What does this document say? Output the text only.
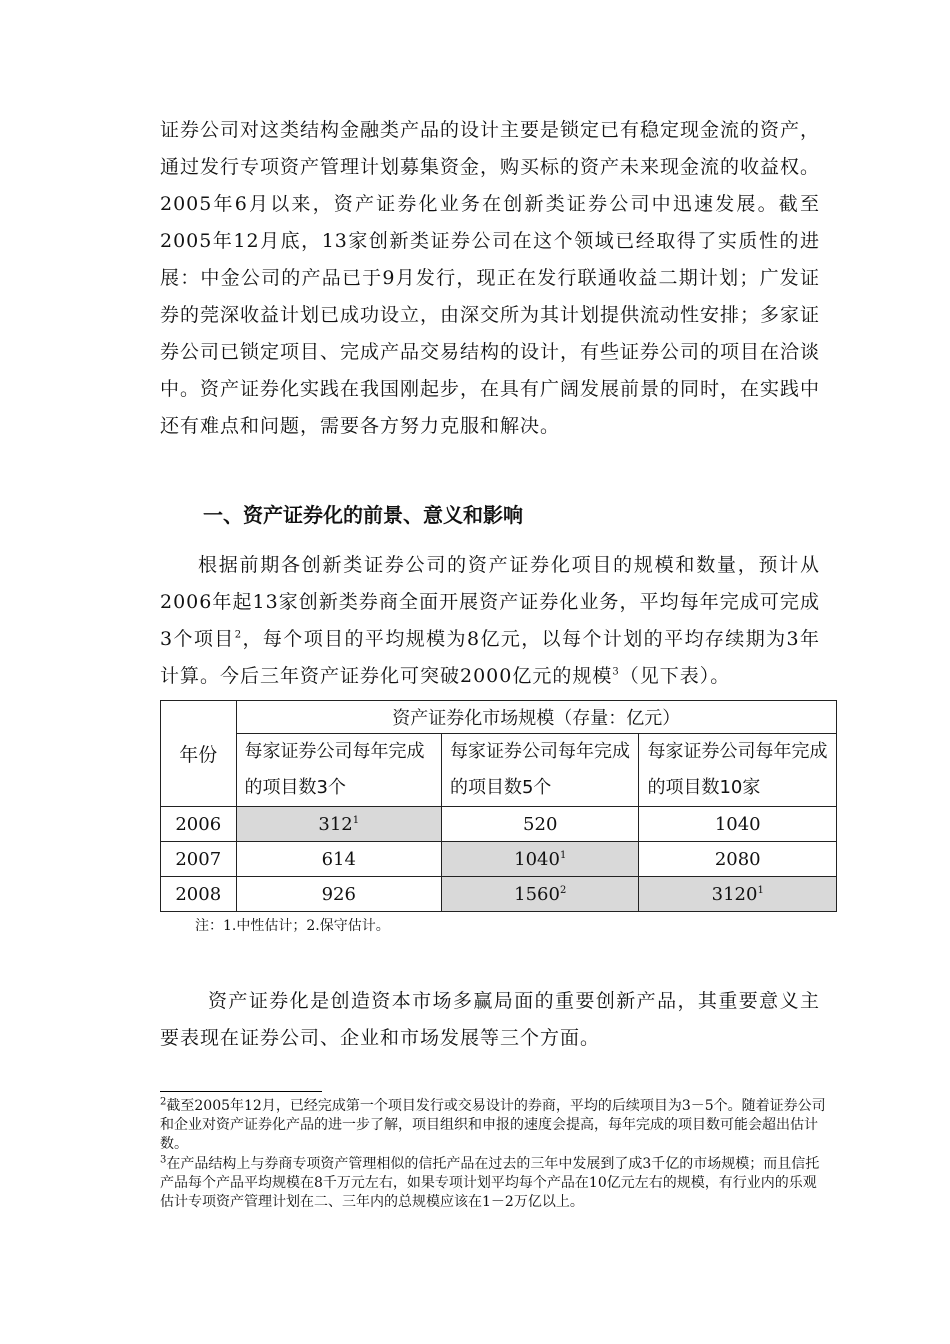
证券公司对这类结构金融类产品的设计主要是锁定已有稳定现金流的资产，通过发行专项资产管理计划募集资金，购买标的资产未来现金流的收益权。2005年6月以来，资产证券化业务在创新类证券公司中迅速发展。截至2005年12月底，13家创新类证券公司在这个领域已经取得了实质性的进展：中金公司的产品已于9月发行，现正在发行联通收益二期计划；广发证券的莞深收益计划已成功设立，由深交所为其计划提供流动性安排；多家证券公司已锁定项目、完成产品交易结构的设计，有些证券公司的项目在洽谈中。资产证券化实践在我国刚起步，在具有广阔发展前景的同时，在实践中还有难点和问题，需要各方努力克服和解决。

一、资产证券化的前景、意义和影响

根据前期各创新类证券公司的资产证券化项目的规模和数量，预计从2006年起13家创新类券商全面开展资产证券化业务，平均每年完成可完成3个项目$^2$，每个项目的平均规模为8亿元，以每个计划的平均存续期为3年计算。今后三年资产证券化可突破2000亿元的规模$^3$（见下表）。

年份	资产证券化市场规模（存量：亿元）		
	每家证券公司每年完成的项目数3个	每家证券公司每年完成的项目数5个	每家证券公司每年完成的项目数10家
2006	$312^1$	520	1040
2007	614	1040$^1$	2080
2008	926	1560$^2$	3120$^1$

注：1.中性估计；2.保守估计。

资产证券化是创造资本市场多赢局面的重要创新产品，其重要意义主要表现在证券公司、企业和市场发展等三个方面。

$^2$截至2005年12月，已经完成第一个项目发行或交易设计的券商，平均的后续项目为3－5个。随着证券公司和企业对资产证券化产品的进一步了解，项目组织和申报的速度会提高，每年完成的项目数可能会超出估计数。

$^3$在产品结构上与券商专项资产管理相似的信托产品在过去的三年中发展到了成3千亿的市场规模；而且信托产品每个产品平均规模在8千万元左右，如果专项计划平均每个产品在10亿元左右的规模，有行业内的乐观估计专项资产管理计划在二、三年内的总规模应该在1－2万亿以上。
